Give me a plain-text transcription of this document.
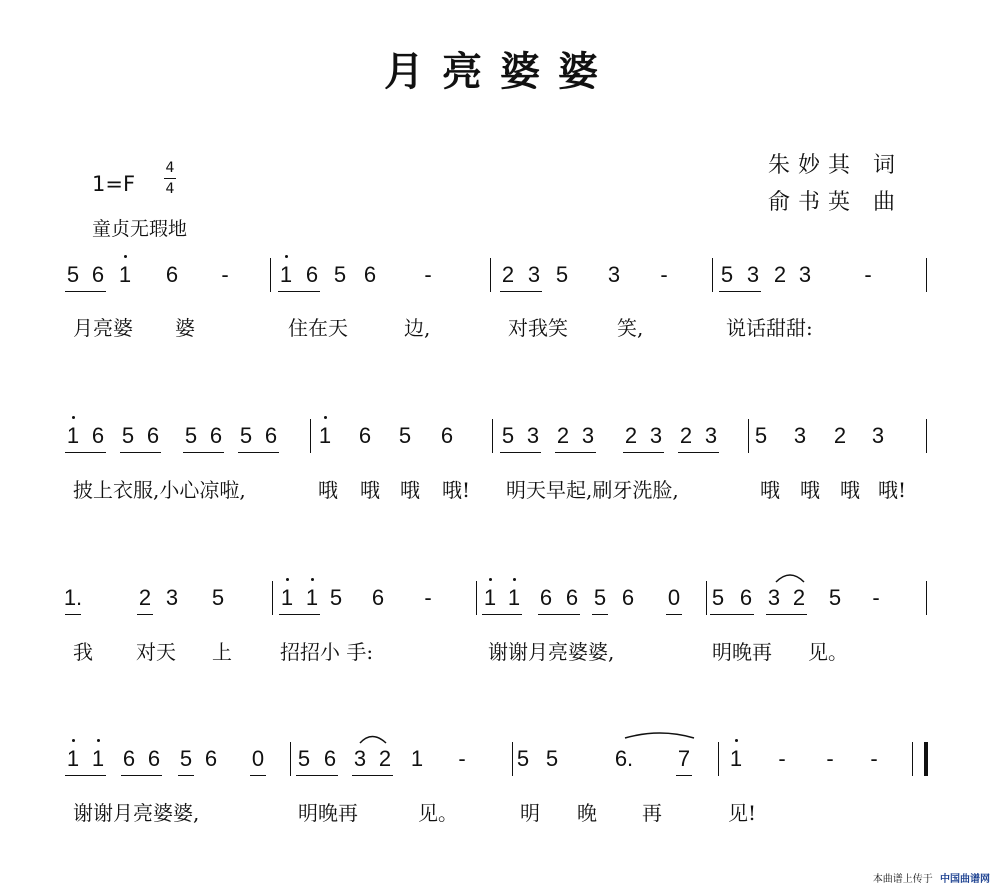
月亮婆婆
朱妙其 词
俞书英 曲
1=F
4
4
童贞无瑕地
5 6 1 6 - 1 6 5 6 -	2 3 5 3 - 5 3 2 3 -
月亮婆 婆	住在天	边,	对我笑 笑,	说话甜甜:
1 6 5 6 5 6 5 6 1 6 5 6 5 3 2 3 2 3 2 3 5 3 2 3
披上衣服,小心凉啦,	哦 哦 哦 哦! 明天早起,刷牙洗脸,	哦 哦 哦 哦!
1.	2 3 5	1 1 5 6 - 1 1 6 6 5 6 0 5 6 3 2 5 -
我 对天 上 招招小 手:	谢谢月亮婆婆,	明晚再 见。
1 1 6 6 5 6 0 5 6 3 2 1 - 5 5	6. 7 1 - - -
谢谢月亮婆婆,	明晚再	见。	明 晚 再	见!
本曲谱上传于 中国曲谱网
